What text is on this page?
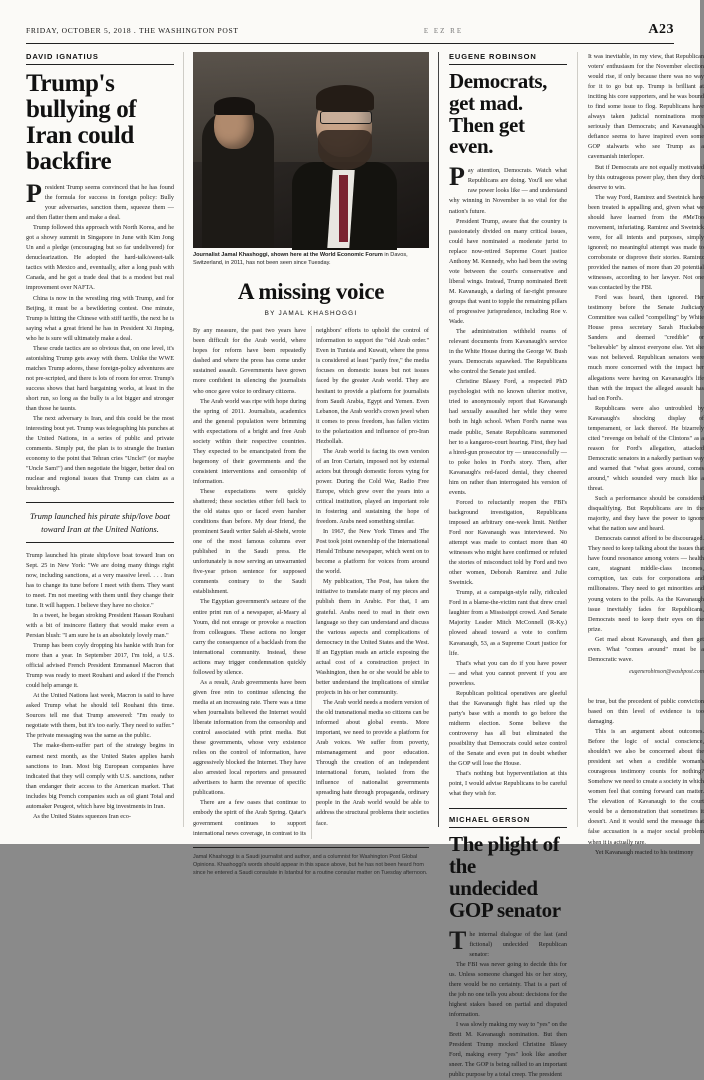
FRIDAY, OCTOBER 5, 2018 . THE WASHINGTON POST	E EZ RE	A23
DAVID IGNATIUS
Trump's bullying of Iran could backfire
P resident Trump seems convinced that he has found the formula for success in foreign policy: Bully your adversaries, sanction them, squeeze them — and then flatter them and make a deal.

Trump followed this approach with North Korea, and he got a showy summit in Singapore in June with Kim Jong Un and a pledge (encouraging but so far undelivered) for denuclearization. He adopted the hard-talk/sweet-talk tactics with Mexico and, eventually, after a long push with Canada, and he got a trade deal that is a modest but real improvement over NAFTA.

China is now in the wrestling ring with Trump, and for Beijing, it must be a bewildering contest. One minute, Trump is hitting the Chinese with stiff tariffs, the next he is saying what a great friend he has in President Xi Jinping, who he is sure will ultimately make a deal.

These crude tactics are so obvious that, on one level, it's astonishing Trump gets away with them. Unlike the WWE matches Trump adores, these foreign-policy adventures are not pre-scripted, and there is lots of room for error. Trump's success shows that hard bargaining works, at least in the short run, so long as the bully is a lot bigger and stronger than those he taunts.

The next adversary is Iran, and this could be the most interesting bout yet. Trump was telegraphing his punches at the United Nations, in a series of public and private comments. Simply put, the plan is to strangle the Iranian economy to the point that Tehran cries "Uncle!" (or maybe "Uncle Sam!") and then negotiate the bigger, better deal on nuclear and regional issues that Trump can claim as a breakthrough.

Trump launched his pirate ship/love boat toward Iran at the United Nations.

Trump launched his pirate ship/love boat toward Iran on Sept. 25 in New York: "We are doing many things right now, including sanctions, at a very massive level. . . . Iran has to change its tune before I meet with them. They want to meet. I'm not meeting with them until they change their tune. It will happen. I believe they have no choice."

In a tweet, he began stroking President Hassan Rouhani with a bit of insincere flattery that would make even a Persian blush: "I am sure he is an absolutely lovely man."

Trump has been coyly dropping his hankie with Iran for more than a year. In September 2017, I'm told, a U.S. official advised French President Emmanuel Macron that Trump was ready to meet Rouhani and asked if the French could help arrange it.

At the United Nations last week, Macron is said to have asked Trump what he should tell Rouhani this time. Sources tell me that Trump answered: "I'm ready to negotiate with them, but it's too early. They need to suffer." The private messaging was the same as the public.

The make-them-suffer part of the strategy begins in earnest next month, as the United States applies harsh sanctions to Iran. Most big European companies have indicated that they will comply with U.S. sanctions, rather than endanger their access to the American market. That includes big French companies such as oil giant Total and automaker Peugeot, which have big investments in Iran.

As the United States squeezes Iran eco-

Journalist Jamal Khashoggi, shown here at the World Economic Forum in Davos, Switzerland, in 2011, has not been seen since Tuesday.
A missing voice
BY JAMAL KHASHOGGI

By any measure, the past two years have been difficult for the Arab world, where hopes for reform have been repeatedly dashed and where the press has come under sustained assault. Governments have grown more confident in silencing the journalists who once gave voice to ordinary citizens.

The Arab world was ripe with hope during the spring of 2011. Journalists, academics and the general population were brimming with expectations of a bright and free Arab society within their respective countries. They expected to be emancipated from the hegemony of their governments and the consistent interventions and censorship of information.

These expectations were quickly shattered; these societies either fell back to the old status quo or faced even harsher conditions than before. My dear friend, the prominent Saudi writer Saleh al-Shehi, wrote one of the most famous columns ever published in the Saudi press. He unfortunately is now serving an unwarranted five-year prison sentence for supposed comments contrary to the Saudi establishment.

The Egyptian government's seizure of the entire print run of a newspaper, al-Masry al Youm, did not enrage or provoke a reaction from colleagues. These actions no longer carry the consequence of a backlash from the international community. Instead, these actions may trigger condemnation quickly followed by silence.

As a result, Arab governments have been given free rein to continue silencing the media at an increasing rate. There was a time when journalists believed the Internet would liberate information from the censorship and control associated with print media. But these governments, whose very existence relies on the control of information, have aggressively blocked the Internet. They have also arrested local reporters and pressured advertisers to harm the revenue of specific publications.

There are a few oases that continue to embody the spirit of the Arab Spring. Qatar's government continues to support international news coverage, in contrast to its neighbors' efforts to uphold the control of information to support the "old Arab order." Even in Tunisia and Kuwait, where the press is considered at least "partly free," the media focuses on domestic issues but not issues faced by the greater Arab world. They are hesitant to provide a platform for journalists from Saudi Arabia, Egypt and Yemen. Even Lebanon, the Arab world's crown jewel when it comes to press freedom, has fallen victim to the polarization and influence of pro-Iran Hezbollah.

The Arab world is facing its own version of an Iron Curtain, imposed not by external actors but through domestic forces vying for power. During the Cold War, Radio Free Europe, which grew over the years into a critical institution, played an important role in fostering and sustaining the hope of freedom. Arabs need something similar.

In 1967, the New York Times and The Post took joint ownership of the International Herald Tribune newspaper, which went on to become a platform for voices from around the world.

My publication, The Post, has taken the initiative to translate many of my pieces and publish them in Arabic. For that, I am grateful. Arabs need to read in their own language so they can understand and discuss the various aspects and complications of democracy in the United States and the West. If an Egyptian reads an article exposing the actual cost of a construction project in Washington, then he or she would be able to better understand the implications of similar projects in his or her community.

The Arab world needs a modern version of the old transnational media so citizens can be informed about global events. More important, we need to provide a platform for Arab voices. We suffer from poverty, mismanagement and poor education. Through the creation of an independent international forum, isolated from the influence of nationalist governments spreading hate through propaganda, ordinary people in the Arab world would be able to address the structural problems their societies face.

Jamal Khashoggi is a Saudi journalist and author, and a columnist for Washington Post Global Opinions. Khashoggi's words should appear in this space above, but he has not been heard from since he entered a Saudi consulate in Istanbul for a routine consular matter on Tuesday afternoon.
EUGENE ROBINSON
Democrats, get mad. Then get even.
P ay attention, Democrats. Watch what Republicans are doing. You'll see what raw power looks like — and understand why winning in November is so vital for the nation's future.

President Trump, aware that the country is passionately divided on many critical issues, could have nominated a moderate jurist to replace now-retired Supreme Court justice Anthony M. Kennedy, who had been the swing vote between the court's conservative and liberal wings. Instead, Trump nominated Brett M. Kavanaugh, a darling of far-right pressure groups that want to topple the remaining pillars of progressive jurisprudence, including Roe v. Wade.

The administration withheld reams of relevant documents from Kavanaugh's service in the White House during the George W. Bush years. Democrats squawked. The Republicans who control the Senate just smiled.

Christine Blasey Ford, a respected PhD psychologist with no known ulterior motive, tried to anonymously report that Kavanaugh had sexually assaulted her while they were both in high school. When Ford's name was made public, Senate Republicans summoned her to a kangaroo-court hearing. First, they had a hired-gun prosecutor try — unsuccessfully — to poke holes in Ford's story. Then, after Kavanaugh's red-faced denial, they cheered him on rather than interrogated his version of events.

Forced to reluctantly reopen the FBI's background investigation, Republicans imposed an arbitrary one-week limit. Neither Ford nor Kavanaugh was interviewed. No attempt was made to contact more than 40 witnesses who might have confirmed or refuted the stories of misconduct told by Ford and two other women, Deborah Ramirez and Julie Swetnick.

Trump, at a campaign-style rally, ridiculed Ford in a blame-the-victim rant that drew cruel laughter from a Mississippi crowd. And Senate Majority Leader Mitch McConnell (R-Ky.) plowed ahead toward a vote to confirm Kavanaugh, 53, as a Supreme Court justice for life.

That's what you can do if you have power — and what you cannot prevent if you are powerless.

Republican political operatives are gleeful that the Kavanaugh fight has riled up the party's base with a month to go before the midterm election. Some believe the controversy has all but eliminated the possibility that Democrats could seize control of the Senate and even put in doubt whether the GOP will lose the House.

That's nothing but hyperventilation at this point, I would advise Republicans to be careful what they wish for.

MICHAEL GERSON
The plight of the undecided GOP senator
T he internal dialogue of the last (and fictional) undecided Republican senator:

The FBI was never going to decide this for us. Unless someone changed his or her story, there would be no certainty. That is a part of the job no one tells you about: decisions for the highest stakes based on partial and disputed information.

I was slowly making my way to "yes" on the Brett M. Kavanaugh nomination. But then President Trump mocked Christine Blasey Ford, making every "yes" look like another sneer. The GOP is being rallied to an important public purpose by a total creep. The president

It was inevitable, in my view, that Republican voters' enthusiasm for the November election would rise, if only because there was no way for it to go but up. Trump is brilliant at inciting his core supporters, and he was bound to find some issue to flog. Republicans have always taken judicial nominations more seriously than Democrats; and Kavanaugh's defiance seems to have inspired even some GOP stalwarts who see Trump as a cavemanish interloper.

But if Democrats are not equally motivated by this outrageous power play, then they don't deserve to win.

The way Ford, Ramirez and Swetnick have been treated is appalling and, given what we should have learned from the #MeToo movement, infuriating. Ramirez and Swetnick were, for all intents and purposes, simply ignored; no meaningful attempt was made to corroborate or disprove their stories. Ramirez provided the names of more than 20 potential witnesses, according to her lawyer. Not one was contacted by the FBI.

Ford was heard, then ignored. Her testimony before the Senate Judiciary Committee was called "compelling" by White House press secretary Sarah Huckabee Sanders and deemed "credible" or "believable" by almost everyone else. Yet she was not believed. Republican senators were much more concerned with the impact her allegations were having on Kavanaugh's life than with the impact the alleged assault has had on Ford's.

Republicans were also untroubled by Kavanaugh's shocking display of temperament, or lack thereof. He bizarrely cited "revenge on behalf of the Clintons" as a reason for Ford's allegation, attacked Democratic senators in a nakedly partisan way and warned that "what goes around, comes around," which sounded very much like a threat.

Such a performance should be considered disqualifying. But Republicans are in the majority, and they have the power to ignore what the nation saw and heard.

Democrats cannot afford to be discouraged. They need to keep talking about the issues that have found resonance among voters — health care, stagnant middle-class incomes, corruption, tax cuts for corporations and millionaires. They need to get minorities and young voters to the polls. As the Kavanaugh issue inevitably fades for Republicans, Democrats need to keep their eyes on the prize.

Get mad about Kavanaugh, and then get even. What "comes around" must be a Democratic wave.

eugenerobinson@washpost.com

be true, but the precedent of public conviction based on thin level of evidence is too damaging.

This is an argument about outcomes. Before the logic of social conscience, shouldn't we also be concerned about the president set when a credible woman's courageous testimony counts for nothing? Somehow we need to create a society in which women feel that coming forward can matter. The elevation of Kavanaugh to the court would be a demonstration that sometimes it doesn't. And it would send the message that false accusation is a major social problem when it is actually rare.

Yet Kavanaugh reacted to his testimony
